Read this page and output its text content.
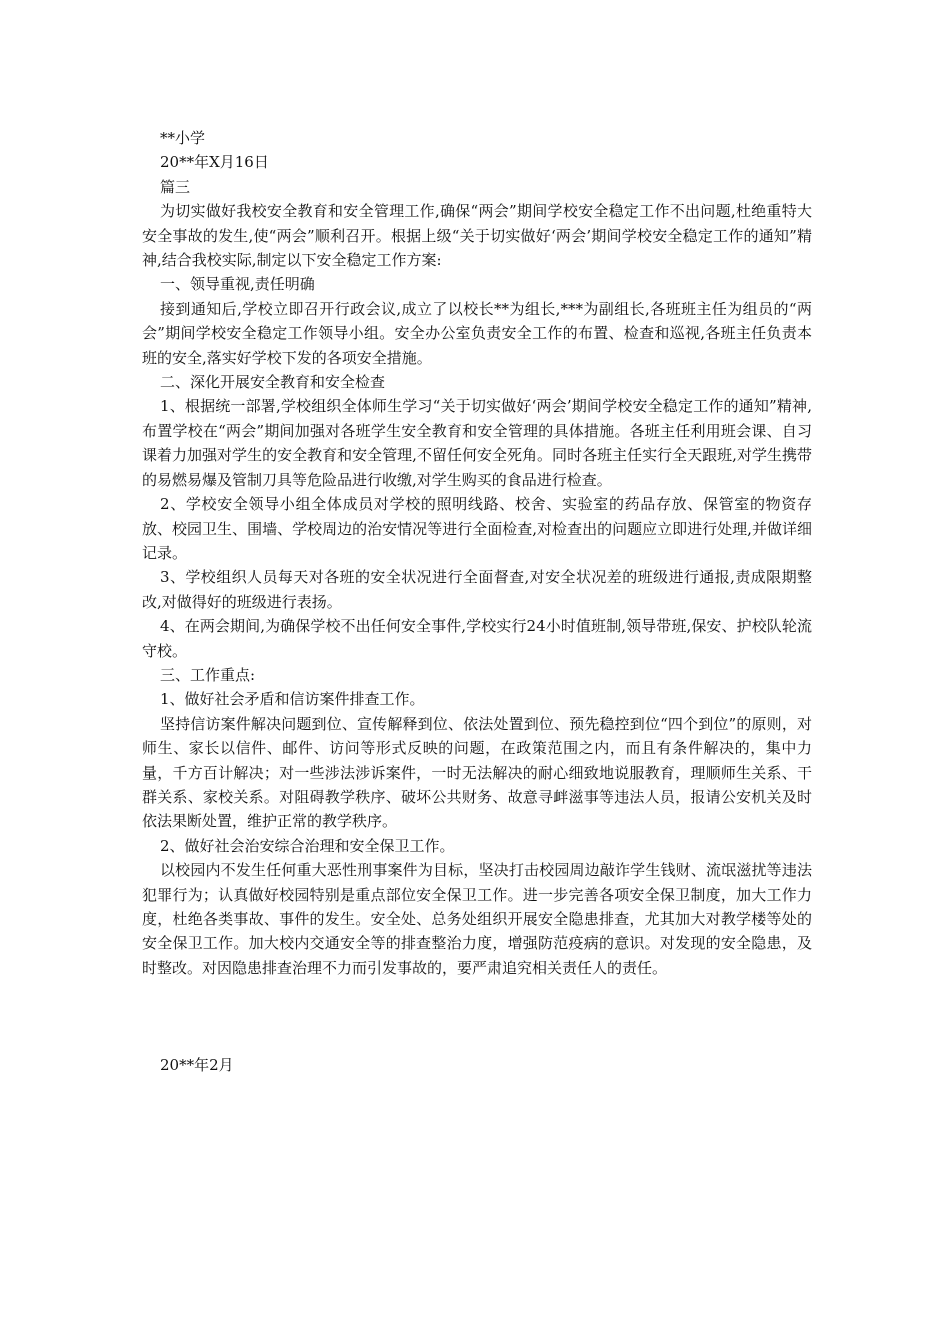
**小学

20**年X月16日

篇三

为切实做好我校安全教育和安全管理工作,确保“两会”期间学校安全稳定工作不出问题,杜绝重特大安全事故的发生,使“两会”顺利召开。根据上级“关于切实做好‘两会’期间学校安全稳定工作的通知”精神,结合我校实际,制定以下安全稳定工作方案:

一、领导重视,责任明确

接到通知后,学校立即召开行政会议,成立了以校长**为组长,***为副组长,各班班主任为组员的“两会”期间学校安全稳定工作领导小组。安全办公室负责安全工作的布置、检查和巡视,各班主任负责本班的安全,落实好学校下发的各项安全措施。

二、深化开展安全教育和安全检查

1、根据统一部署,学校组织全体师生学习“关于切实做好‘两会’期间学校安全稳定工作的通知”精神,布置学校在“两会”期间加强对各班学生安全教育和安全管理的具体措施。各班主任利用班会课、自习课着力加强对学生的安全教育和安全管理,不留任何安全死角。同时各班主任实行全天跟班,对学生携带的易燃易爆及管制刀具等危险品进行收缴,对学生购买的食品进行检查。

2、学校安全领导小组全体成员对学校的照明线路、校舍、实验室的药品存放、保管室的物资存放、校园卫生、围墙、学校周边的治安情况等进行全面检查,对检查出的问题应立即进行处理,并做详细记录。

3、学校组织人员每天对各班的安全状况进行全面督查,对安全状况差的班级进行通报,责成限期整改,对做得好的班级进行表扬。

4、在两会期间,为确保学校不出任何安全事件,学校实行24小时值班制,领导带班,保安、护校队轮流守校。

三、工作重点:

1、做好社会矛盾和信访案件排查工作。

坚持信访案件解决问题到位、宣传解释到位、依法处置到位、预先稳控到位“四个到位”的原则，对师生、家长以信件、邮件、访问等形式反映的问题，在政策范围之内，而且有条件解决的，集中力量，千方百计解决；对一些涉法涉诉案件，一时无法解决的耐心细致地说服教育，理顺师生关系、干群关系、家校关系。对阻碍教学秩序、破坏公共财务、故意寻衅滋事等违法人员，报请公安机关及时依法果断处置，维护正常的教学秩序。

2、做好社会治安综合治理和安全保卫工作。

以校园内不发生任何重大恶性刑事案件为目标，坚决打击校园周边敲诈学生钱财、流氓滋扰等违法犯罪行为；认真做好校园特别是重点部位安全保卫工作。进一步完善各项安全保卫制度，加大工作力度，杜绝各类事故、事件的发生。安全处、总务处组织开展安全隐患排查，尤其加大对教学楼等处的安全保卫工作。加大校内交通安全等的排查整治力度，增强防范疫病的意识。对发现的安全隐患，及时整改。对因隐患排查治理不力而引发事故的，要严肃追究相关责任人的责任。

20**年2月
